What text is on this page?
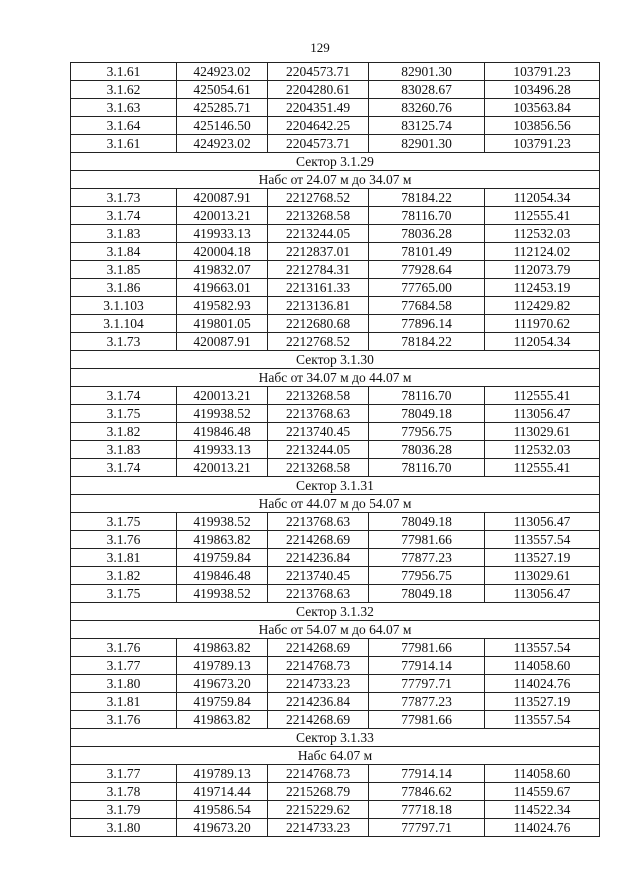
129
3.1.61	424923.02	2204573.71	82901.30	103791.23
3.1.62	425054.61	2204280.61	83028.67	103496.28
3.1.63	425285.71	2204351.49	83260.76	103563.84
3.1.64	425146.50	2204642.25	83125.74	103856.56
3.1.61	424923.02	2204573.71	82901.30	103791.23
Сектор 3.1.29				
Набс от 24.07 м до 34.07 м				
3.1.73	420087.91	2212768.52	78184.22	112054.34
3.1.74	420013.21	2213268.58	78116.70	112555.41
3.1.83	419933.13	2213244.05	78036.28	112532.03
3.1.84	420004.18	2212837.01	78101.49	112124.02
3.1.85	419832.07	2212784.31	77928.64	112073.79
3.1.86	419663.01	2213161.33	77765.00	112453.19
3.1.103	419582.93	2213136.81	77684.58	112429.82
3.1.104	419801.05	2212680.68	77896.14	111970.62
3.1.73	420087.91	2212768.52	78184.22	112054.34
Сектор 3.1.30				
Набс от 34.07 м до 44.07 м				
3.1.74	420013.21	2213268.58	78116.70	112555.41
3.1.75	419938.52	2213768.63	78049.18	113056.47
3.1.82	419846.48	2213740.45	77956.75	113029.61
3.1.83	419933.13	2213244.05	78036.28	112532.03
3.1.74	420013.21	2213268.58	78116.70	112555.41
Сектор 3.1.31				
Набс от 44.07 м до 54.07 м				
3.1.75	419938.52	2213768.63	78049.18	113056.47
3.1.76	419863.82	2214268.69	77981.66	113557.54
3.1.81	419759.84	2214236.84	77877.23	113527.19
3.1.82	419846.48	2213740.45	77956.75	113029.61
3.1.75	419938.52	2213768.63	78049.18	113056.47
Сектор 3.1.32				
Набс от 54.07 м до 64.07 м				
3.1.76	419863.82	2214268.69	77981.66	113557.54
3.1.77	419789.13	2214768.73	77914.14	114058.60
3.1.80	419673.20	2214733.23	77797.71	114024.76
3.1.81	419759.84	2214236.84	77877.23	113527.19
3.1.76	419863.82	2214268.69	77981.66	113557.54
Сектор 3.1.33				
Набс 64.07 м				
3.1.77	419789.13	2214768.73	77914.14	114058.60
3.1.78	419714.44	2215268.79	77846.62	114559.67
3.1.79	419586.54	2215229.62	77718.18	114522.34
3.1.80	419673.20	2214733.23	77797.71	114024.76
